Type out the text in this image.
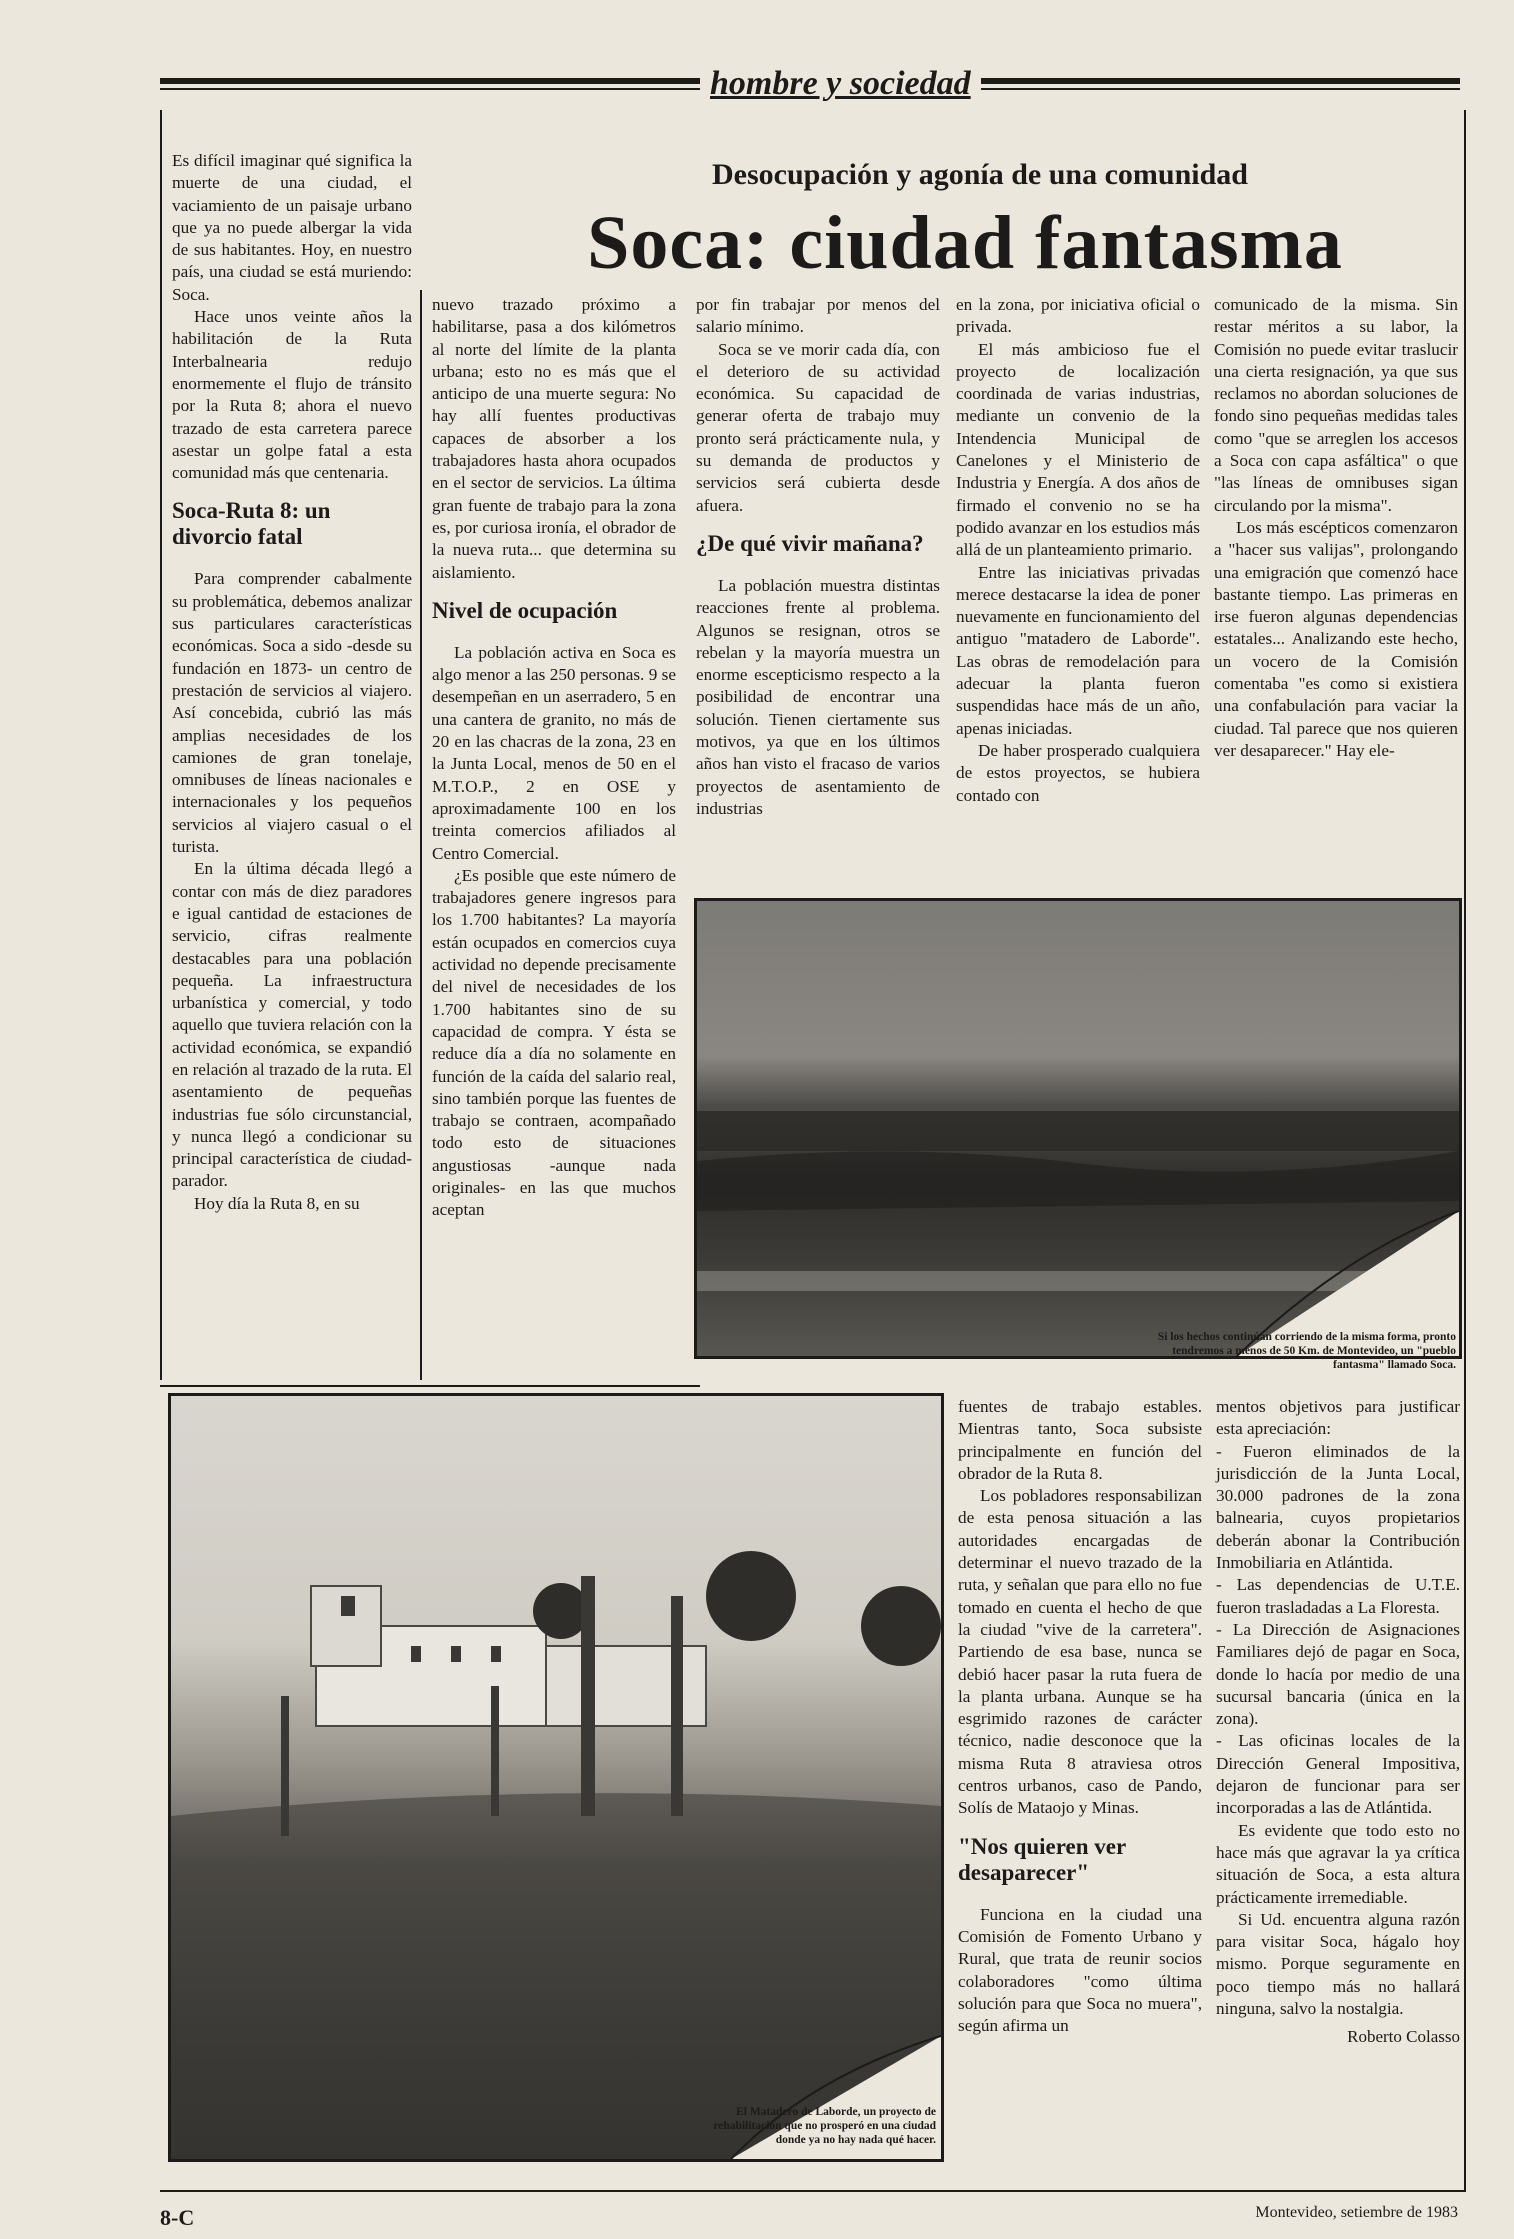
hombre y sociedad
Desocupación y agonía de una comunidad
Soca: ciudad fantasma

Es difícil imaginar qué significa la muerte de una ciudad, el vaciamiento de un paisaje urbano que ya no puede albergar la vida de sus habitantes. Hoy, en nuestro país, una ciudad se está muriendo: Soca.

Hace unos veinte años la habilitación de la Ruta Interbalnearia redujo enormemente el flujo de tránsito por la Ruta 8; ahora el nuevo trazado de esta carretera parece asestar un golpe fatal a esta comunidad más que centenaria.

Soca-Ruta 8: un divorcio fatal

Para comprender cabalmente su problemática, debemos analizar sus particulares características económicas. Soca a sido -desde su fundación en 1873- un centro de prestación de servicios al viajero. Así concebida, cubrió las más amplias necesidades de los camiones de gran tonelaje, omnibuses de líneas nacionales e internacionales y los pequeños servicios al viajero casual o el turista.

En la última década llegó a contar con más de diez paradores e igual cantidad de estaciones de servicio, cifras realmente destacables para una población pequeña. La infraestructura urbanística y comercial, y todo aquello que tuviera relación con la actividad económica, se expandió en relación al trazado de la ruta. El asentamiento de pequeñas industrias fue sólo circunstancial, y nunca llegó a condicionar su principal característica de ciudad-parador.

Hoy día la Ruta 8, en su

nuevo trazado próximo a habilitarse, pasa a dos kilómetros al norte del límite de la planta urbana; esto no es más que el anticipo de una muerte segura: No hay allí fuentes productivas capaces de absorber a los trabajadores hasta ahora ocupados en el sector de servicios. La última gran fuente de trabajo para la zona es, por curiosa ironía, el obrador de la nueva ruta... que determina su aislamiento.

Nivel de ocupación

La población activa en Soca es algo menor a las 250 personas. 9 se desempeñan en un aserradero, 5 en una cantera de granito, no más de 20 en las chacras de la zona, 23 en la Junta Local, menos de 50 en el M.T.O.P., 2 en OSE y aproximadamente 100 en los treinta comercios afiliados al Centro Comercial.

¿Es posible que este número de trabajadores genere ingresos para los 1.700 habitantes? La mayoría están ocupados en comercios cuya actividad no depende precisamente del nivel de necesidades de los 1.700 habitantes sino de su capacidad de compra. Y ésta se reduce día a día no solamente en función de la caída del salario real, sino también porque las fuentes de trabajo se contraen, acompañado todo esto de situaciones angustiosas -aunque nada originales- en las que muchos aceptan

por fin trabajar por menos del salario mínimo.

Soca se ve morir cada día, con el deterioro de su actividad económica. Su capacidad de generar oferta de trabajo muy pronto será prácticamente nula, y su demanda de productos y servicios será cubierta desde afuera.

¿De qué vivir mañana?

La población muestra distintas reacciones frente al problema. Algunos se resignan, otros se rebelan y la mayoría muestra un enorme escepticismo respecto a la posibilidad de encontrar una solución. Tienen ciertamente sus motivos, ya que en los últimos años han visto el fracaso de varios proyectos de asentamiento de industrias

en la zona, por iniciativa oficial o privada.

El más ambicioso fue el proyecto de localización coordinada de varias industrias, mediante un convenio de la Intendencia Municipal de Canelones y el Ministerio de Industria y Energía. A dos años de firmado el convenio no se ha podido avanzar en los estudios más allá de un planteamiento primario.

Entre las iniciativas privadas merece destacarse la idea de poner nuevamente en funcionamiento del antiguo "matadero de Laborde". Las obras de remodelación para adecuar la planta fueron suspendidas hace más de un año, apenas iniciadas.

De haber prosperado cualquiera de estos proyectos, se hubiera contado con

comunicado de la misma. Sin restar méritos a su labor, la Comisión no puede evitar traslucir una cierta resignación, ya que sus reclamos no abordan soluciones de fondo sino pequeñas medidas tales como "que se arreglen los accesos a Soca con capa asfáltica" o que "las líneas de omnibuses sigan circulando por la misma".

Los más escépticos comenzaron a "hacer sus valijas", prolongando una emigración que comenzó hace bastante tiempo. Las primeras en irse fueron algunas dependencias estatales... Analizando este hecho, un vocero de la Comisión comentaba "es como si existiera una confabulación para vaciar la ciudad. Tal parece que nos quieren ver desaparecer." Hay ele-

Si los hechos continúan corriendo de la misma forma, pronto tendremos a menos de 50 Km. de Montevideo, un "pueblo fantasma" llamado Soca.
El Matadero de Laborde, un proyecto de rehabilitación que no prosperó en una ciudad donde ya no hay nada qué hacer.

fuentes de trabajo estables. Mientras tanto, Soca subsiste principalmente en función del obrador de la Ruta 8.

Los pobladores responsabilizan de esta penosa situación a las autoridades encargadas de determinar el nuevo trazado de la ruta, y señalan que para ello no fue tomado en cuenta el hecho de que la ciudad "vive de la carretera". Partiendo de esa base, nunca se debió hacer pasar la ruta fuera de la planta urbana. Aunque se ha esgrimido razones de carácter técnico, nadie desconoce que la misma Ruta 8 atraviesa otros centros urbanos, caso de Pando, Solís de Mataojo y Minas.

"Nos quieren ver desaparecer"

Funciona en la ciudad una Comisión de Fomento Urbano y Rural, que trata de reunir socios colaboradores "como última solución para que Soca no muera", según afirma un

mentos objetivos para justificar esta apreciación:

- Fueron eliminados de la jurisdicción de la Junta Local, 30.000 padrones de la zona balnearia, cuyos propietarios deberán abonar la Contribución Inmobiliaria en Atlántida.

- Las dependencias de U.T.E. fueron trasladadas a La Floresta.

- La Dirección de Asignaciones Familiares dejó de pagar en Soca, donde lo hacía por medio de una sucursal bancaria (única en la zona).

- Las oficinas locales de la Dirección General Impositiva, dejaron de funcionar para ser incorporadas a las de Atlántida.

Es evidente que todo esto no hace más que agravar la ya crítica situación de Soca, a esta altura prácticamente irremediable.

Si Ud. encuentra alguna razón para visitar Soca, hágalo hoy mismo. Porque seguramente en poco tiempo más no hallará ninguna, salvo la nostalgia.

Roberto Colasso
8-C	Montevideo, setiembre de 1983
